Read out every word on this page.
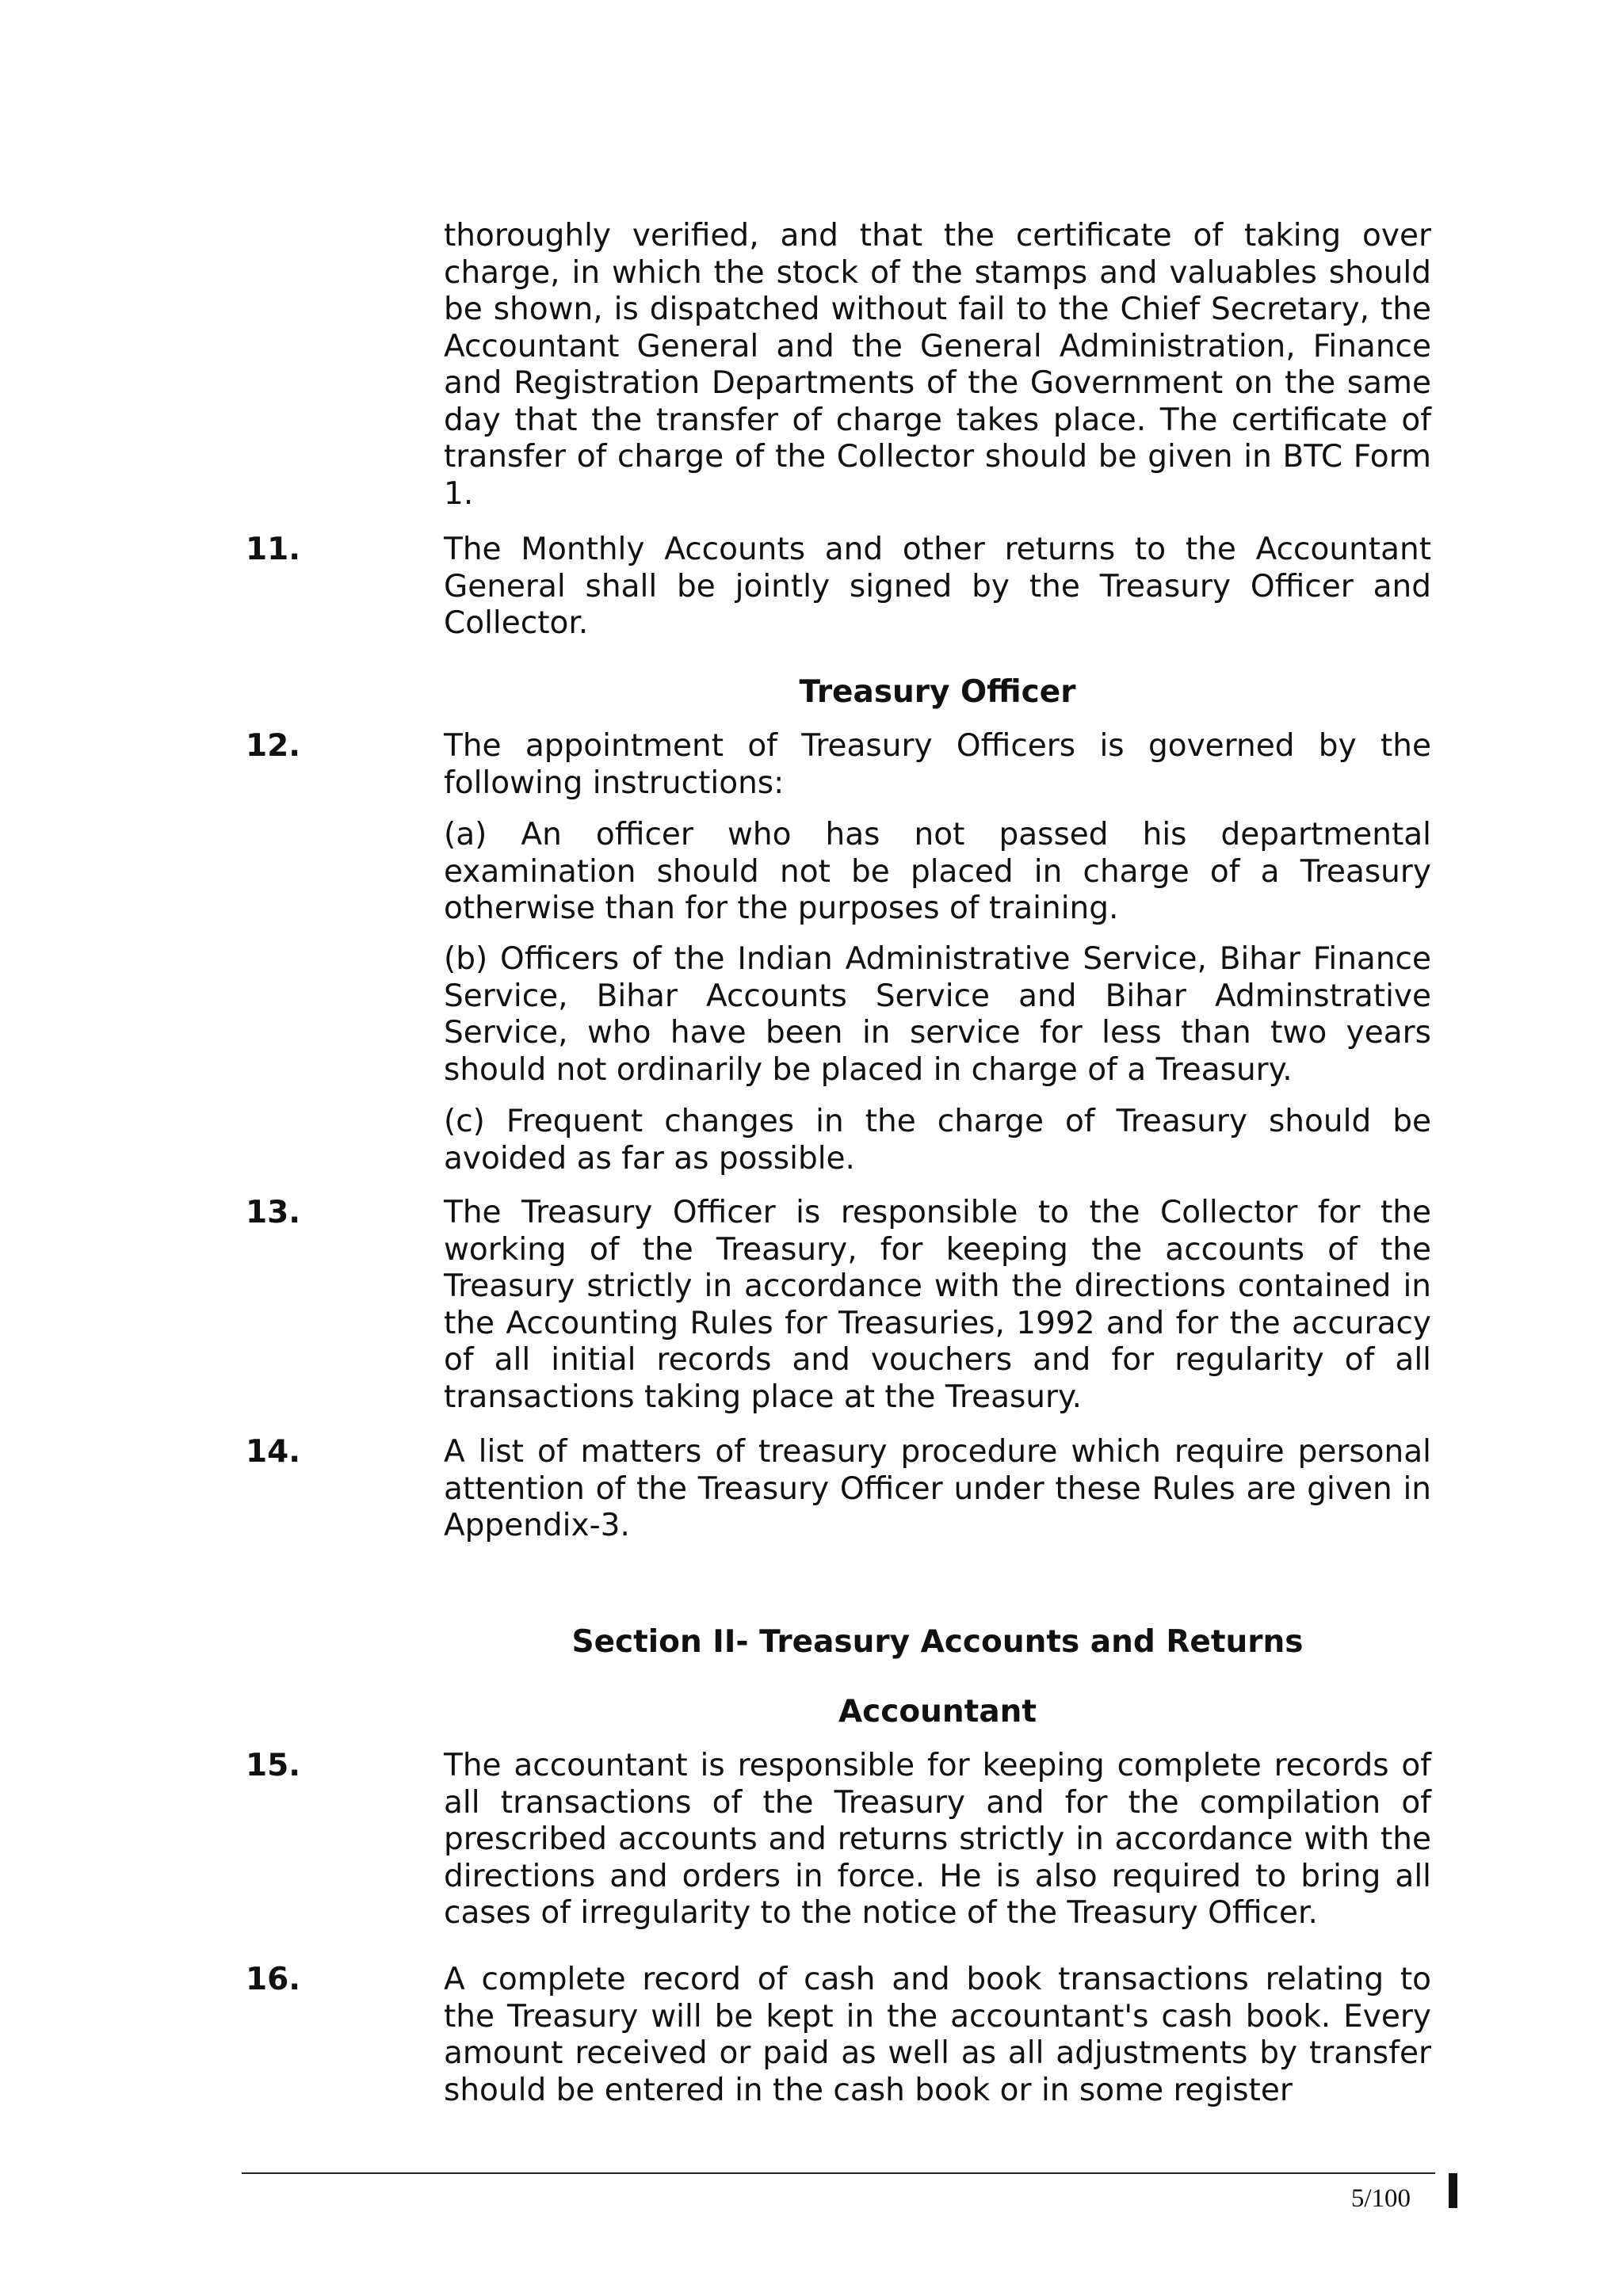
thoroughly verified, and that the certificate of taking over charge, in which the stock of the stamps and valuables should be shown, is dispatched without fail to the Chief Secretary, the Accountant General and the General Administration, Finance and Registration Departments of the Government on the same day that the transfer of charge takes place. The certificate of transfer of charge of the Collector should be given in BTC Form 1.

11.	The Monthly Accounts and other returns to the Accountant General shall be jointly signed by the Treasury Officer and Collector.

Treasury Officer

12.	The appointment of Treasury Officers is governed by the following instructions:

(a) An officer who has not passed his departmental examination should not be placed in charge of a Treasury otherwise than for the purposes of training.

(b) Officers of the Indian Administrative Service, Bihar Finance Service, Bihar Accounts Service and Bihar Adminstrative Service, who have been in service for less than two years should not ordinarily be placed in charge of a Treasury.

(c) Frequent changes in the charge of Treasury should be avoided as far as possible.

13.	The Treasury Officer is responsible to the Collector for the working of the Treasury, for keeping the accounts of the Treasury strictly in accordance with the directions contained in the Accounting Rules for Treasuries, 1992 and for the accuracy of all initial records and vouchers and for regularity of all transactions taking place at the Treasury.

14.	A list of matters of treasury procedure which require personal attention of the Treasury Officer under these Rules are given in Appendix-3.

Section II- Treasury Accounts and Returns

Accountant

15.	The accountant is responsible for keeping complete records of all transactions of the Treasury and for the compilation of prescribed accounts and returns strictly in accordance with the directions and orders in force. He is also required to bring all cases of irregularity to the notice of the Treasury Officer.

16.	A complete record of cash and book transactions relating to the Treasury will be kept in the accountant's cash book. Every amount received or paid as well as all adjustments by transfer should be entered in the cash book or in some register

5/100
